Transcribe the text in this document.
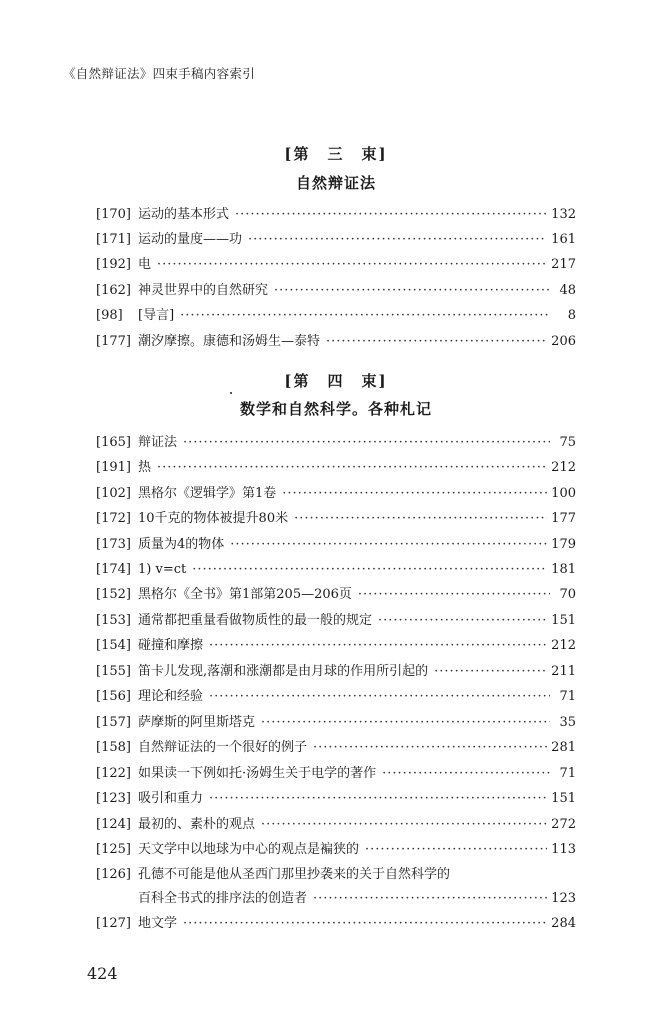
《自然辩证法》四束手稿内容索引
[第　三　束]
自然辩证法
[170] 运动的基本形式 ·····	132
[171] 运动的量度——功 ·····	161
[192] 电 ·····	217
[162] 神灵世界中的自然研究 ·····	48
[98]	[导言] ·····	8
[177] 潮汐摩擦。康德和汤姆生—泰特 ·····	206
[第　四　束]
数学和自然科学。各种札记
[165] 辩证法 ·····	75
[191] 热 ·····	212
[102] 黑格尔《逻辑学》第1卷 ·····	100
[172] 10千克的物体被提升80米 ·····	177
[173] 质量为4的物体 ·····	179
[174] 1) v=ct ·····	181
[152] 黑格尔《全书》第1部第205—206页 ·····	70
[153] 通常都把重量看做物质性的最一般的规定 ·····	151
[154] 碰撞和摩擦 ·····	212
[155] 笛卡儿发现,落潮和涨潮都是由月球的作用所引起的 ·····	211
[156] 理论和经验 ·····	71
[157] 萨摩斯的阿里斯塔克 ·····	35
[158] 自然辩证法的一个很好的例子 ·····	281
[122] 如果读一下例如托·汤姆生关于电学的著作 ·····	71
[123] 吸引和重力 ·····	151
[124] 最初的、素朴的观点 ·····	272
[125] 天文学中以地球为中心的观点是褊狭的 ·····	113
[126] 孔德不可能是他从圣西门那里抄袭来的关于自然科学的
百科全书式的排序法的创造者 ·····	123
[127] 地文学 ·····	284
424
